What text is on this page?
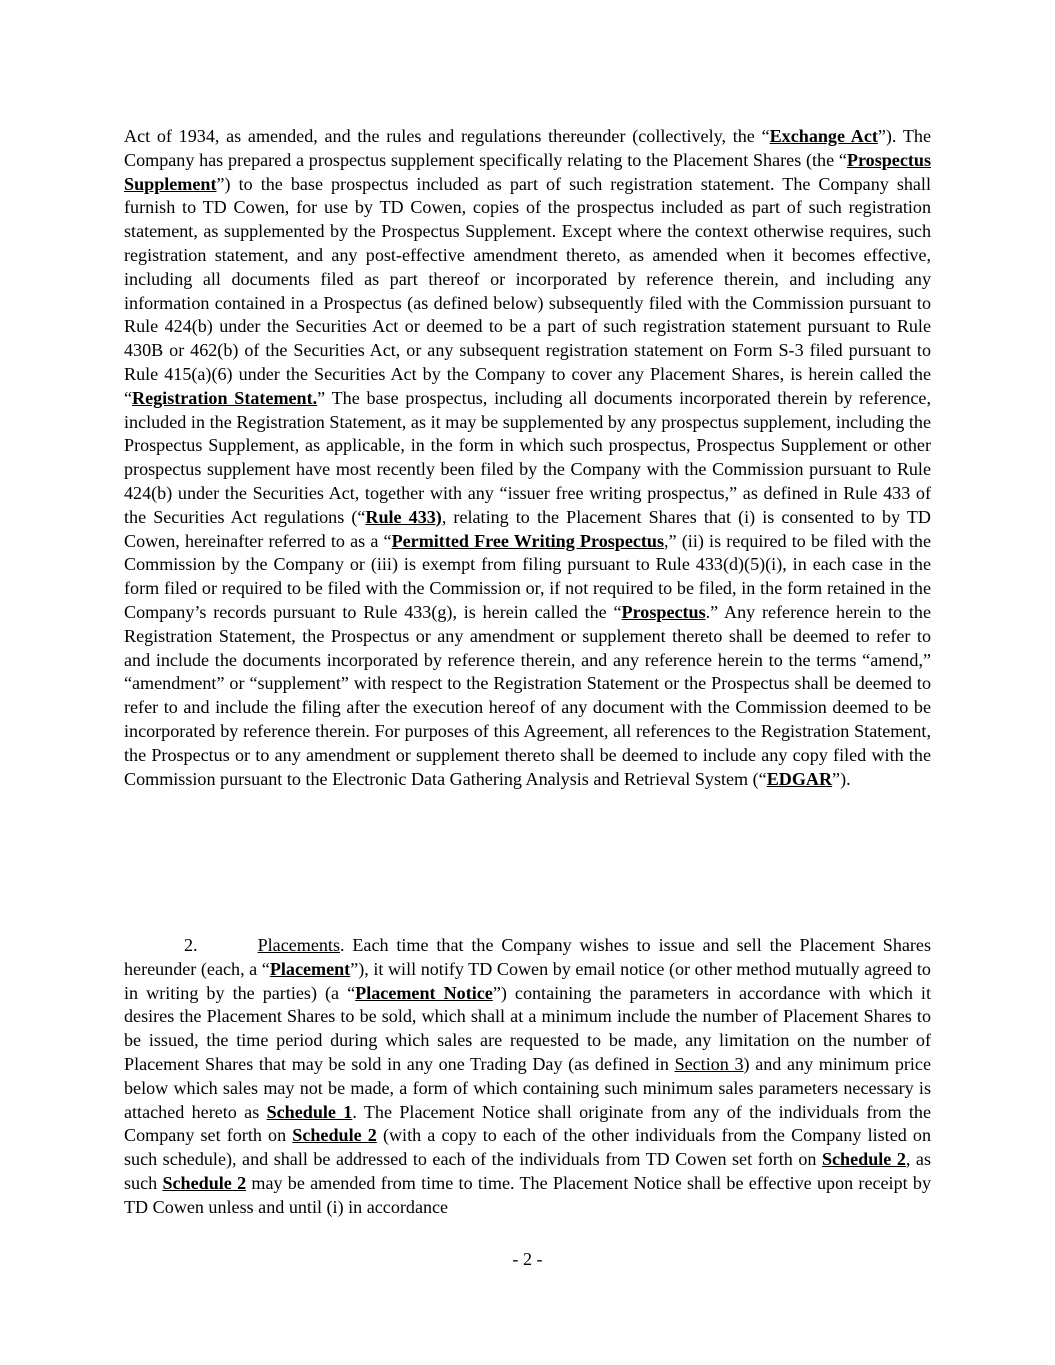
Act of 1934, as amended, and the rules and regulations thereunder (collectively, the “Exchange Act”). The Company has prepared a prospectus supplement specifically relating to the Placement Shares (the “Prospectus Supplement”) to the base prospectus included as part of such registration statement. The Company shall furnish to TD Cowen, for use by TD Cowen, copies of the prospectus included as part of such registration statement, as supplemented by the Prospectus Supplement. Except where the context otherwise requires, such registration statement, and any post-effective amendment thereto, as amended when it becomes effective, including all documents filed as part thereof or incorporated by reference therein, and including any information contained in a Prospectus (as defined below) subsequently filed with the Commission pursuant to Rule 424(b) under the Securities Act or deemed to be a part of such registration statement pursuant to Rule 430B or 462(b) of the Securities Act, or any subsequent registration statement on Form S-3 filed pursuant to Rule 415(a)(6) under the Securities Act by the Company to cover any Placement Shares, is herein called the “Registration Statement.” The base prospectus, including all documents incorporated therein by reference, included in the Registration Statement, as it may be supplemented by any prospectus supplement, including the Prospectus Supplement, as applicable, in the form in which such prospectus, Prospectus Supplement or other prospectus supplement have most recently been filed by the Company with the Commission pursuant to Rule 424(b) under the Securities Act, together with any “issuer free writing prospectus,” as defined in Rule 433 of the Securities Act regulations (“Rule 433), relating to the Placement Shares that (i) is consented to by TD Cowen, hereinafter referred to as a “Permitted Free Writing Prospectus,” (ii) is required to be filed with the Commission by the Company or (iii) is exempt from filing pursuant to Rule 433(d)(5)(i), in each case in the form filed or required to be filed with the Commission or, if not required to be filed, in the form retained in the Company’s records pursuant to Rule 433(g), is herein called the “Prospectus.” Any reference herein to the Registration Statement, the Prospectus or any amendment or supplement thereto shall be deemed to refer to and include the documents incorporated by reference therein, and any reference herein to the terms “amend,” “amendment” or “supplement” with respect to the Registration Statement or the Prospectus shall be deemed to refer to and include the filing after the execution hereof of any document with the Commission deemed to be incorporated by reference therein. For purposes of this Agreement, all references to the Registration Statement, the Prospectus or to any amendment or supplement thereto shall be deemed to include any copy filed with the Commission pursuant to the Electronic Data Gathering Analysis and Retrieval System (“EDGAR”).

2.	Placements. Each time that the Company wishes to issue and sell the Placement Shares hereunder (each, a “Placement”), it will notify TD Cowen by email notice (or other method mutually agreed to in writing by the parties) (a “Placement Notice”) containing the parameters in accordance with which it desires the Placement Shares to be sold, which shall at a minimum include the number of Placement Shares to be issued, the time period during which sales are requested to be made, any limitation on the number of Placement Shares that may be sold in any one Trading Day (as defined in Section 3) and any minimum price below which sales may not be made, a form of which containing such minimum sales parameters necessary is attached hereto as Schedule 1. The Placement Notice shall originate from any of the individuals from the Company set forth on Schedule 2 (with a copy to each of the other individuals from the Company listed on such schedule), and shall be addressed to each of the individuals from TD Cowen set forth on Schedule 2, as such Schedule 2 may be amended from time to time. The Placement Notice shall be effective upon receipt by TD Cowen unless and until (i) in accordance

- 2 -
